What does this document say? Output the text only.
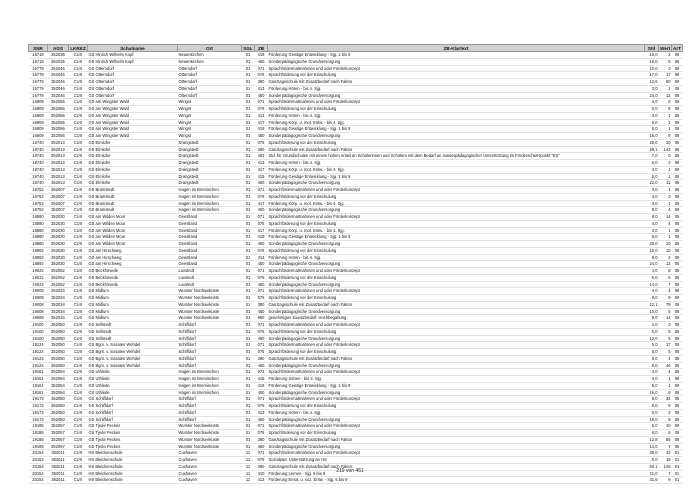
SNR	AGS	LKRKZ	Schulname	Ort	SGL	ZB	ZB-Klartext	Std	Wert	ArT
16718	352036	CUX	GS Hinrich Wilhelm Kopf	Neuenkirchen	01	419	Förderung Geistige Entwicklung - Sjg. 1 bis 9	10,0	2	06
16718	352036	CUX	GS Hinrich Wilhelm Kopf	Neuenkirchen	01	450	Sonderpädagogische Grundversorgung	10,0	5	06
16779	352046	CUX	GS Otterndorf	Otterndorf	01	071	Sprachförderma0nahmen und oder Förderkonzept	10,0	3	06
16779	352046	CUX	GS Otterndorf	Otterndorf	01	076	Sprachförderung vor der Einschulung	17,0	17	06
16779	352046	CUX	GS Otterndorf	Otterndorf	01	380	Ganztagsschule mit Zusatzbedarf nach Faktor	12,5	80	06
16779	352046	CUX	GS Otterndorf	Otterndorf	01	413	Förderung Hören - bis 4. Sjg.	3,0	1	06
16779	352046	CUX	GS Otterndorf	Otterndorf	01	450	Sonderpädagogische Grundversorgung	24,0	12	06
16809	352056	CUX	GS am Wingster Wald	Wingst	01	071	Sprachförderma0nahmen und oder Förderkonzept	4,0	8	06
16809	352056	CUX	GS am Wingster Wald	Wingst	01	076	Sprachförderung vor der Einschulung	5,0	5	06
16809	352056	CUX	GS am Wingster Wald	Wingst	01	413	Förderung Hören - bis 4. Sjg.	3,0	1	06
16809	352056	CUX	GS am Wingster Wald	Wingst	01	417	Förderung Körp. u. mot. Entw. - bis 4. Sjg.	6,0	2	06
16809	352056	CUX	GS am Wingster Wald	Wingst	01	419	Förderung Geistige Entwicklung - Sjg. 1 bis 9	5,0	1	06
16809	352056	CUX	GS am Wingster Wald	Wingst	01	450	Sonderpädagogische Grundversorgung	16,0	8	06
18740	352013	CUX	GS Elmlohe	Drangstedt	01	076	Sprachförderung vor der Einschulung	20,0	20	06
18740	352013	CUX	GS Elmlohe	Drangstedt	01	380	Ganztagsschule mit Zusatzbedarf nach Faktor	29,1	143	06
18740	352013	CUX	GS Elmlohe	Drangstedt	01	403	Std. für Grundschulen mit einem hohen Anteil an Schülerinnen und Schülern mit dem Bedarf an sonderpädagogischer Unterstützung im Förderschwerpunkt "ES"	7,0	0	06
18740	352013	CUX	GS Elmlohe	Drangstedt	01	413	Förderung Hören - bis 4. Sjg.	6,0	2	06
18740	352013	CUX	GS Elmlohe	Drangstedt	01	417	Förderung Körp. u. mot. Entw. - bis 4. Sjg.	3,0	1	06
18740	352013	CUX	GS Elmlohe	Drangstedt	01	419	Förderung Geistige Entwicklung - Sjg. 1 bis 9	5,0	1	06
18740	352013	CUX	GS Elmlohe	Drangstedt	01	450	Sonderpädagogische Grundversorgung	22,0	11	06
18752	352007	CUX	GS Bramstedt	Hagen im Bremischen	01	071	Sprachförderma0nahmen und oder Förderkonzept	3,0	1	06
18752	352007	CUX	GS Bramstedt	Hagen im Bremischen	01	076	Sprachförderung vor der Einschulung	3,0	3	06
18752	352007	CUX	GS Bramstedt	Hagen im Bremischen	01	417	Förderung Körp. u. mot. Entw. - bis 4. Sjg.	3,0	1	06
18752	352007	CUX	GS Bramstedt	Hagen im Bremischen	01	450	Sonderpädagogische Grundversorgung	8,0	4	06
18880	352030	CUX	GS am Wilden Moor	Geestland	01	071	Sprachförderma0nahmen und oder Förderkonzept	8,0	14	05
18880	352030	CUX	GS am Wilden Moor	Geestland	01	076	Sprachförderung vor der Einschulung	4,0	4	05
18880	352030	CUX	GS am Wilden Moor	Geestland	01	417	Förderung Körp. u. mot. Entw. - bis 4. Sjg.	3,0	1	05
18880	352030	CUX	GS am Wilden Moor	Geestland	01	419	Förderung Geistige Entwicklung - Sjg. 1 bis 9	5,0	1	05
18880	352030	CUX	GS am Wilden Moor	Geestland	01	450	Sonderpädagogische Grundversorgung	20,0	10	05
18892	352030	CUX	GS am Hirschweg	Geestland	01	076	Sprachförderung vor der Einschulung	10,0	10	05
18892	352030	CUX	GS am Hirschweg	Geestland	01	413	Förderung Hören - bis 4. Sjg.	9,0	3	05
18892	352030	CUX	GS am Hirschweg	Geestland	01	450	Sonderpädagogische Grundversorgung	24,0	12	05
19022	352052	CUX	GS Beckhövede	Loxstedt	01	071	Sprachförderma0nahmen und oder Förderkonzept	4,0	8	05
19022	352052	CUX	GS Beckhövede	Loxstedt	01	076	Sprachförderung vor der Einschulung	6,0	6	05
19022	352052	CUX	GS Beckhövede	Loxstedt	01	450	Sonderpädagogische Grundversorgung	14,0	7	05
19008	352034	CUX	GS Midlum	Wurster Nordseeküste	01	071	Sprachförderma0nahmen und oder Förderkonzept	4,0	4	06
19008	352034	CUX	GS Midlum	Wurster Nordseeküste	01	076	Sprachförderung vor der Einschulung	9,0	9	06
19008	352034	CUX	GS Midlum	Wurster Nordseeküste	01	380	Ganztagsschule mit Zusatzbedarf nach Faktor	12,1	79	06
19008	352034	CUX	GS Midlum	Wurster Nordseeküste	01	450	Sonderpädagogische Grundversorgung	10,0	5	06
19008	352034	CUX	GS Midlum	Wurster Nordseeküste	01	950	genehmigter Zusatzbedarf: Hochbegabung	9,0	14	06
19100	352050	CUX	GS Sellstedt	Schiffdorf	01	071	Sprachförderma0nahmen und oder Förderkonzept	2,0	3	05
19100	352050	CUX	GS Sellstedt	Schiffdorf	01	076	Sprachförderung vor der Einschulung	5,0	5	05
19100	352050	CUX	GS Sellstedt	Schiffdorf	01	450	Sonderpädagogische Grundversorgung	12,0	6	05
19124	352050	CUX	GS Bgm. v. Sosaten Wehdel	Schiffdorf	01	071	Sprachförderma0nahmen und oder Förderkonzept	5,0	17	05
19124	352050	CUX	GS Bgm. v. Sosaten Wehdel	Schiffdorf	01	076	Sprachförderung vor der Einschulung	5,0	5	05
19124	352050	CUX	GS Bgm. v. Sosaten Wehdel	Schiffdorf	01	380	Ganztagsschule mit Zusatzbedarf nach Faktor	8,0	4	05
19124	352050	CUX	GS Bgm. v. Sosaten Wehdel	Schiffdorf	01	450	Sonderpädagogische Grundversorgung	8,0	46	05
19161	352054	CUX	GS Uthlede	Hagen im Bremischen	01	071	Sprachförderma0nahmen und oder Förderkonzept	4,0	4	06
19161	352054	CUX	GS Uthlede	Hagen im Bremischen	01	415	Förderung Sehen - bis 4. Sjg.	3,0	1	06
19161	352054	CUX	GS Uthlede	Hagen im Bremischen	01	419	Förderung Geistige Entwicklung - Sjg. 1 bis 9	5,0	1	06
19161	352054	CUX	GS Uthlede	Hagen im Bremischen	01	450	Sonderpädagogische Grundversorgung	16,0	8	06
19173	352050	CUX	GS Schiffdorf	Schiffdorf	01	071	Sprachförderma0nahmen und oder Förderkonzept	8,0	32	05
19173	352050	CUX	GS Schiffdorf	Schiffdorf	01	076	Sprachförderung vor der Einschulung	8,0	8	05
19173	352050	CUX	GS Schiffdorf	Schiffdorf	01	413	Förderung Hören - bis 4. Sjg.	6,0	2	05
19173	352050	CUX	GS Schiffdorf	Schiffdorf	01	450	Sonderpädagogische Grundversorgung	16,0	8	05
19185	352057	CUX	GS Tjede Peckes	Wurster Nordseeküste	01	071	Sprachförderma0nahmen und oder Förderkonzept	5,0	10	06
19185	352057	CUX	GS Tjede Peckes	Wurster Nordseeküste	01	076	Sprachförderung vor der Einschulung	6,0	6	06
19185	352057	CUX	GS Tjede Peckes	Wurster Nordseeküste	01	380	Ganztagsschule mit Zusatzbedarf nach Faktor	12,8	55	06
19185	352057	CUX	GS Tjede Peckes	Wurster Nordseeküste	01	450	Sonderpädagogische Grundversorgung	14,0	7	06
20154	352011	CUX	HS Bleickenschule	Cuxhaven	11	071	Sprachförderma0nahmen und oder Förderkonzept	30,0	42	01
20154	352011	CUX	HS Bleickenschule	Cuxhaven	11	079	Sozialpäd. Unterstützung an HS	0,0	16	01
20154	352011	CUX	HS Bleickenschule	Cuxhaven	11	380	Ganztagsschule mit Zusatzbedarf nach Faktor	50,1	148	01
20154	352011	CUX	HS Bleickenschule	Cuxhaven	11	410	Förderung Lernen - Sjg. 5 bis 9	21,0	7	01
20154	352011	CUX	HS Bleickenschule	Cuxhaven	11	412	Förderung Emot. u. soz. Entw. - Sjg. 5 bis 9	31,5	9	01
219 von 451
